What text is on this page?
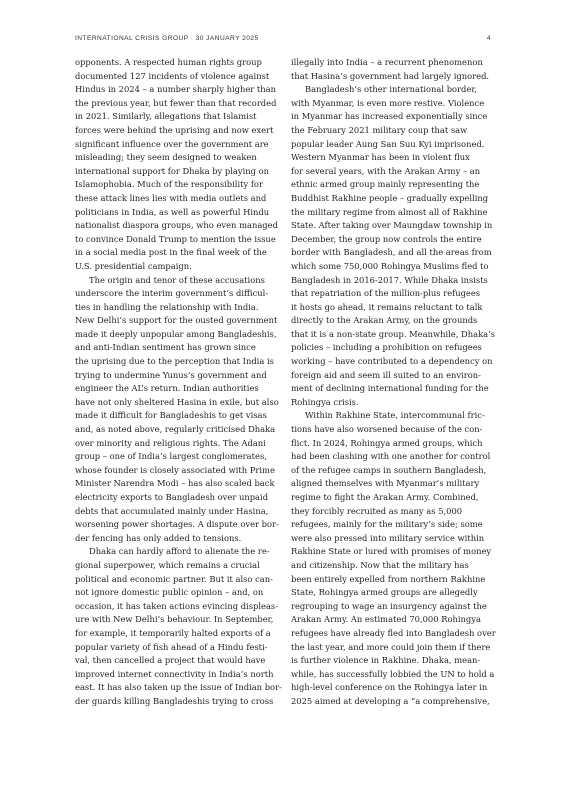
INTERNATIONAL CRISIS GROUP · 30 JANUARY 2025	4

opponents. A respected human rights group
documented 127 incidents of violence against
Hindus in 2024 – a number sharply higher than
the previous year, but fewer than that recorded
in 2021. Similarly, allegations that Islamist
forces were behind the uprising and now exert
significant influence over the government are
misleading; they seem designed to weaken
international support for Dhaka by playing on
Islamophobia. Much of the responsibility for
these attack lines lies with media outlets and
politicians in India, as well as powerful Hindu
nationalist diaspora groups, who even managed
to convince Donald Trump to mention the issue
in a social media post in the final week of the
U.S. presidential campaign.

The origin and tenor of these accusations
underscore the interim government’s difficul-
ties in handling the relationship with India.
New Delhi’s support for the ousted government
made it deeply unpopular among Bangladeshis,
and anti-Indian sentiment has grown since
the uprising due to the perception that India is
trying to undermine Yunus’s government and
engineer the AL’s return. Indian authorities
have not only sheltered Hasina in exile, but also
made it difficult for Bangladeshis to get visas
and, as noted above, regularly criticised Dhaka
over minority and religious rights. The Adani
group – one of India’s largest conglomerates,
whose founder is closely associated with Prime
Minister Narendra Modi – has also scaled back
electricity exports to Bangladesh over unpaid
debts that accumulated mainly under Hasina,
worsening power shortages. A dispute over bor-
der fencing has only added to tensions.

Dhaka can hardly afford to alienate the re-
gional superpower, which remains a crucial
political and economic partner. But it also can-
not ignore domestic public opinion – and, on
occasion, it has taken actions evincing displeas-
ure with New Delhi’s behaviour. In September,
for example, it temporarily halted exports of a
popular variety of fish ahead of a Hindu festi-
val, then cancelled a project that would have
improved internet connectivity in India’s north
east. It has also taken up the issue of Indian bor-
der guards killing Bangladeshis trying to cross

illegally into India – a recurrent phenomenon
that Hasina’s government had largely ignored.

Bangladesh’s other international border,
with Myanmar, is even more restive. Violence
in Myanmar has increased exponentially since
the February 2021 military coup that saw
popular leader Aung San Suu Kyi imprisoned.
Western Myanmar has been in violent flux
for several years, with the Arakan Army – an
ethnic armed group mainly representing the
Buddhist Rakhine people – gradually expelling
the military regime from almost all of Rakhine
State. After taking over Maungdaw township in
December, the group now controls the entire
border with Bangladesh, and all the areas from
which some 750,000 Rohingya Muslims fled to
Bangladesh in 2016-2017. While Dhaka insists
that repatriation of the million-plus refugees
it hosts go ahead, it remains reluctant to talk
directly to the Arakan Army, on the grounds
that it is a non-state group. Meanwhile, Dhaka’s
policies – including a prohibition on refugees
working – have contributed to a dependency on
foreign aid and seem ill suited to an environ-
ment of declining international funding for the
Rohingya crisis.

Within Rakhine State, intercommunal fric-
tions have also worsened because of the con-
flict. In 2024, Rohingya armed groups, which
had been clashing with one another for control
of the refugee camps in southern Bangladesh,
aligned themselves with Myanmar’s military
regime to fight the Arakan Army. Combined,
they forcibly recruited as many as 5,000
refugees, mainly for the military’s side; some
were also pressed into military service within
Rakhine State or lured with promises of money
and citizenship. Now that the military has
been entirely expelled from northern Rakhine
State, Rohingya armed groups are allegedly
regrouping to wage an insurgency against the
Arakan Army. An estimated 70,000 Rohingya
refugees have already fled into Bangladesh over
the last year, and more could join them if there
is further violence in Rakhine. Dhaka, mean-
while, has successfully lobbied the UN to hold a
high-level conference on the Rohingya later in
2025 aimed at developing a “a comprehensive,
